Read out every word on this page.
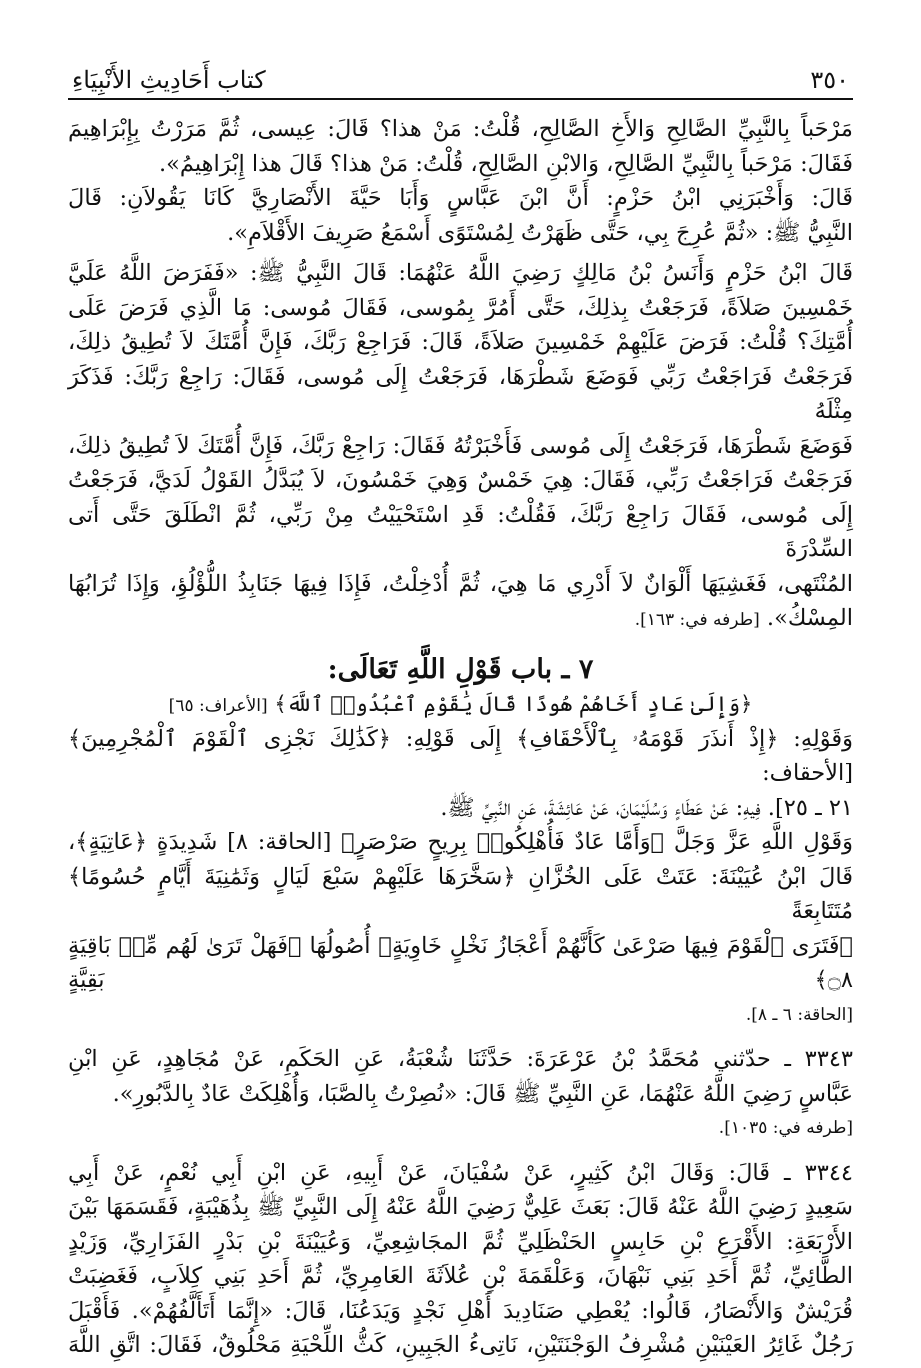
٣٥٠
كتاب أَحَادِيثِ الأَنْبِيَاءِ
مَرْحَباً بِالنَّبِيِّ الصَّالِحِ وَالأَخِ الصَّالِحِ، قُلْتُ: مَنْ هذا؟ قَالَ: عِيسى، ثُمَّ مَرَرْتُ بِإِبْرَاهِيمَ
فَقَالَ: مَرْحَباً بِالنَّبِيِّ الصَّالِحِ، وَالابْنِ الصَّالِحِ، قُلْتُ: مَنْ هذا؟ قَالَ هذا إِبْرَاهِيمُ».
قَالَ: وَأَخْبَرَنِي ابْنُ حَزْمٍ: أَنَّ ابْنَ عَبَّاسٍ وَأَبَا حَيَّةَ الأَنْصَارِيَّ كَانَا يَقُولاَنِ: قَالَ
النَّبِيُّ ﷺ: «ثُمَّ عُرِجَ بِي، حَتَّى ظَهَرْتُ لِمُسْتَوًى أَسْمَعُ صَرِيفَ الأَقْلاَمِ».
قَالَ ابْنُ حَزْمٍ وَأَنَسُ بْنُ مَالِكٍ رَضِيَ اللَّهُ عَنْهُمَا: قَالَ النَّبِيُّ ﷺ: «فَفَرَضَ اللَّهُ عَلَيَّ
خَمْسِينَ صَلاَةً، فَرَجَعْتُ بِذلِكَ، حَتَّى أَمُرَّ بِمُوسى، فَقَالَ مُوسى: مَا الَّذِي فَرَضَ عَلَى
أُمَّتِكَ؟ قُلْتُ: فَرَضَ عَلَيْهِمْ خَمْسِينَ صَلاَةً، قَالَ: فَرَاجِعْ رَبَّكَ، فَإِنَّ أُمَّتَكَ لاَ تُطِيقُ ذلِكَ،
فَرَجَعْتُ فَرَاجَعْتُ رَبِّي فَوَضَعَ شَطْرَهَا، فَرَجَعْتُ إِلَى مُوسى، فَقَالَ: رَاجِعْ رَبَّكَ: فَذَكَرَ مِثْلَهُ
فَوَضَعَ شَطْرَهَا، فَرَجَعْتُ إِلَى مُوسى فَأَخْبَرْتُهُ فَقَالَ: رَاجِعْ رَبَّكَ، فَإِنَّ أُمَّتَكَ لاَ تُطِيقُ ذلِكَ،
فَرَجَعْتُ فَرَاجَعْتُ رَبِّي، فَقَالَ: هِيَ خَمْسٌ وَهِيَ خَمْسُونَ، لاَ يُبَدَّلُ القَوْلُ لَدَيَّ، فَرَجَعْتُ
إِلَى مُوسى، فَقَالَ رَاجِعْ رَبَّكَ، فَقُلْتُ: قَدِ اسْتَحْيَيْتُ مِنْ رَبِّي، ثُمَّ انْطَلَقَ حَتَّى أَتى السِّدْرَةَ
المُنْتَهى، فَغَشِيَهَا أَلْوَانٌ لاَ أَدْرِي مَا هِيَ، ثُمَّ أُدْخِلْتُ، فَإِذَا فِيهَا جَنَابِذُ اللُّؤْلُؤِ، وَإِذَا تُرَابُهَا
المِسْكُ». [طرفه في: ١٦٣].
٧ ـ باب قَوْلِ اللَّهِ تَعَالَى:
﴿وَإِلَىٰ عَادٍ أَخَاهُمْ هُودًا قَالَ يَٰقَوْمِ ٱعْبُدُوا۟ ٱللَّهَ﴾ [الأعراف: ٦٥]
وَقَوْلِهِ: ﴿إِذْ أَنذَرَ قَوْمَهُۥ بِٱلْأَحْقَافِ﴾ إِلَى قَوْلِهِ: ﴿كَذَٰلِكَ نَجْزِى ٱلْقَوْمَ ٱلْمُجْرِمِينَ﴾ [الأحقاف:
٢١ ـ ٢٥]. فِيهِ: عَنْ عَطَاءٍ وَسُلَيْمَانَ، عَنْ عَائِشَةَ، عَنِ النَّبِيِّ ﷺ.
وَقَوْلِ اللَّهِ عَزَّ وَجَلَّ ﴿وَأَمَّا عَادٌ فَأُهْلِكُوا۟ بِرِيحٍ صَرْصَرٍ﴾ [الحاقة: ٨] شَدِيدَةٍ ﴿عَاتِيَةٍ﴾،
قَالَ ابْنُ عُيَيْنَةَ: عَتَتْ عَلَى الخُزَّانِ ﴿سَخَّرَهَا عَلَيْهِمْ سَبْعَ لَيَالٍ وَثَمَٰنِيَةَ أَيَّامٍ حُسُومًا﴾ مُتَتَابِعَةً
﴿فَتَرَى ٱلْقَوْمَ فِيهَا صَرْعَىٰ كَأَنَّهُمْ أَعْجَازُ نَخْلٍ خَاوِيَةٍ﴾ أُصُولُهَا ﴿فَهَلْ تَرَىٰ لَهُم مِّنۢ بَاقِيَةٍ ۝٨﴾ بَقِيَّةٍ
[الحاقة: ٦ ـ ٨].
٣٣٤٣ ـ حدّثني مُحَمَّدُ بْنُ عَرْعَرَةَ: حَدَّثَنَا شُعْبَةُ، عَنِ الحَكَمِ، عَنْ مُجَاهِدٍ، عَنِ ابْنِ
عَبَّاسٍ رَضِيَ اللَّهُ عَنْهُمَا، عَنِ النَّبِيِّ ﷺ قَالَ: «نُصِرْتُ بِالصَّبَا، وَأُهْلِكَتْ عَادٌ بِالدَّبُورِ».
[طرفه في: ١٠٣٥].
٣٣٤٤ ـ قَالَ: وَقَالَ ابْنُ كَثِيرٍ، عَنْ سُفْيَانَ، عَنْ أَبِيهِ، عَنِ ابْنِ أَبِي نُعْمٍ، عَنْ أَبِي
سَعِيدٍ رَضِيَ اللَّهُ عَنْهُ قَالَ: بَعَثَ عَلِيٌّ رَضِيَ اللَّهُ عَنْهُ إِلَى النَّبِيِّ ﷺ بِذُهَيْبَةٍ، فَقَسَمَهَا بَيْنَ
الأَرْبَعَةِ: الأَقْرَعِ بْنِ حَابِسٍ الحَنْظَلِيِّ ثُمَّ المجَاشِعِيِّ، وَعُيَيْنَةَ بْنِ بَدْرٍ الفَزَارِيِّ، وَزَيْدٍ
الطَّائِيِّ، ثُمَّ أَحَدِ بَنِي نَبْهَانَ، وَعَلْقَمَةَ بْنِ عُلاَثَةَ العَامِرِيِّ، ثُمَّ أَحَدِ بَنِي كِلاَبٍ، فَغَضِبَتْ
قُرَيْشٌ وَالأَنْصَارُ، قَالُوا: يُعْطِي صَنَادِيدَ أَهْلِ نَجْدٍ وَيَدَعُنَا، قَالَ: «إِنَّمَا أَتَأَلَّفُهُمْ». فَأَقْبَلَ
رَجُلٌ غَائِرُ العَيْنَيْنِ مُشْرِفُ الوَجْنَتَيْنِ، نَاتِىءُ الجَبِينِ، كَثُّ اللِّحْيَةِ مَحْلُوقٌ، فَقَالَ: اتَّقِ اللَّهَ
